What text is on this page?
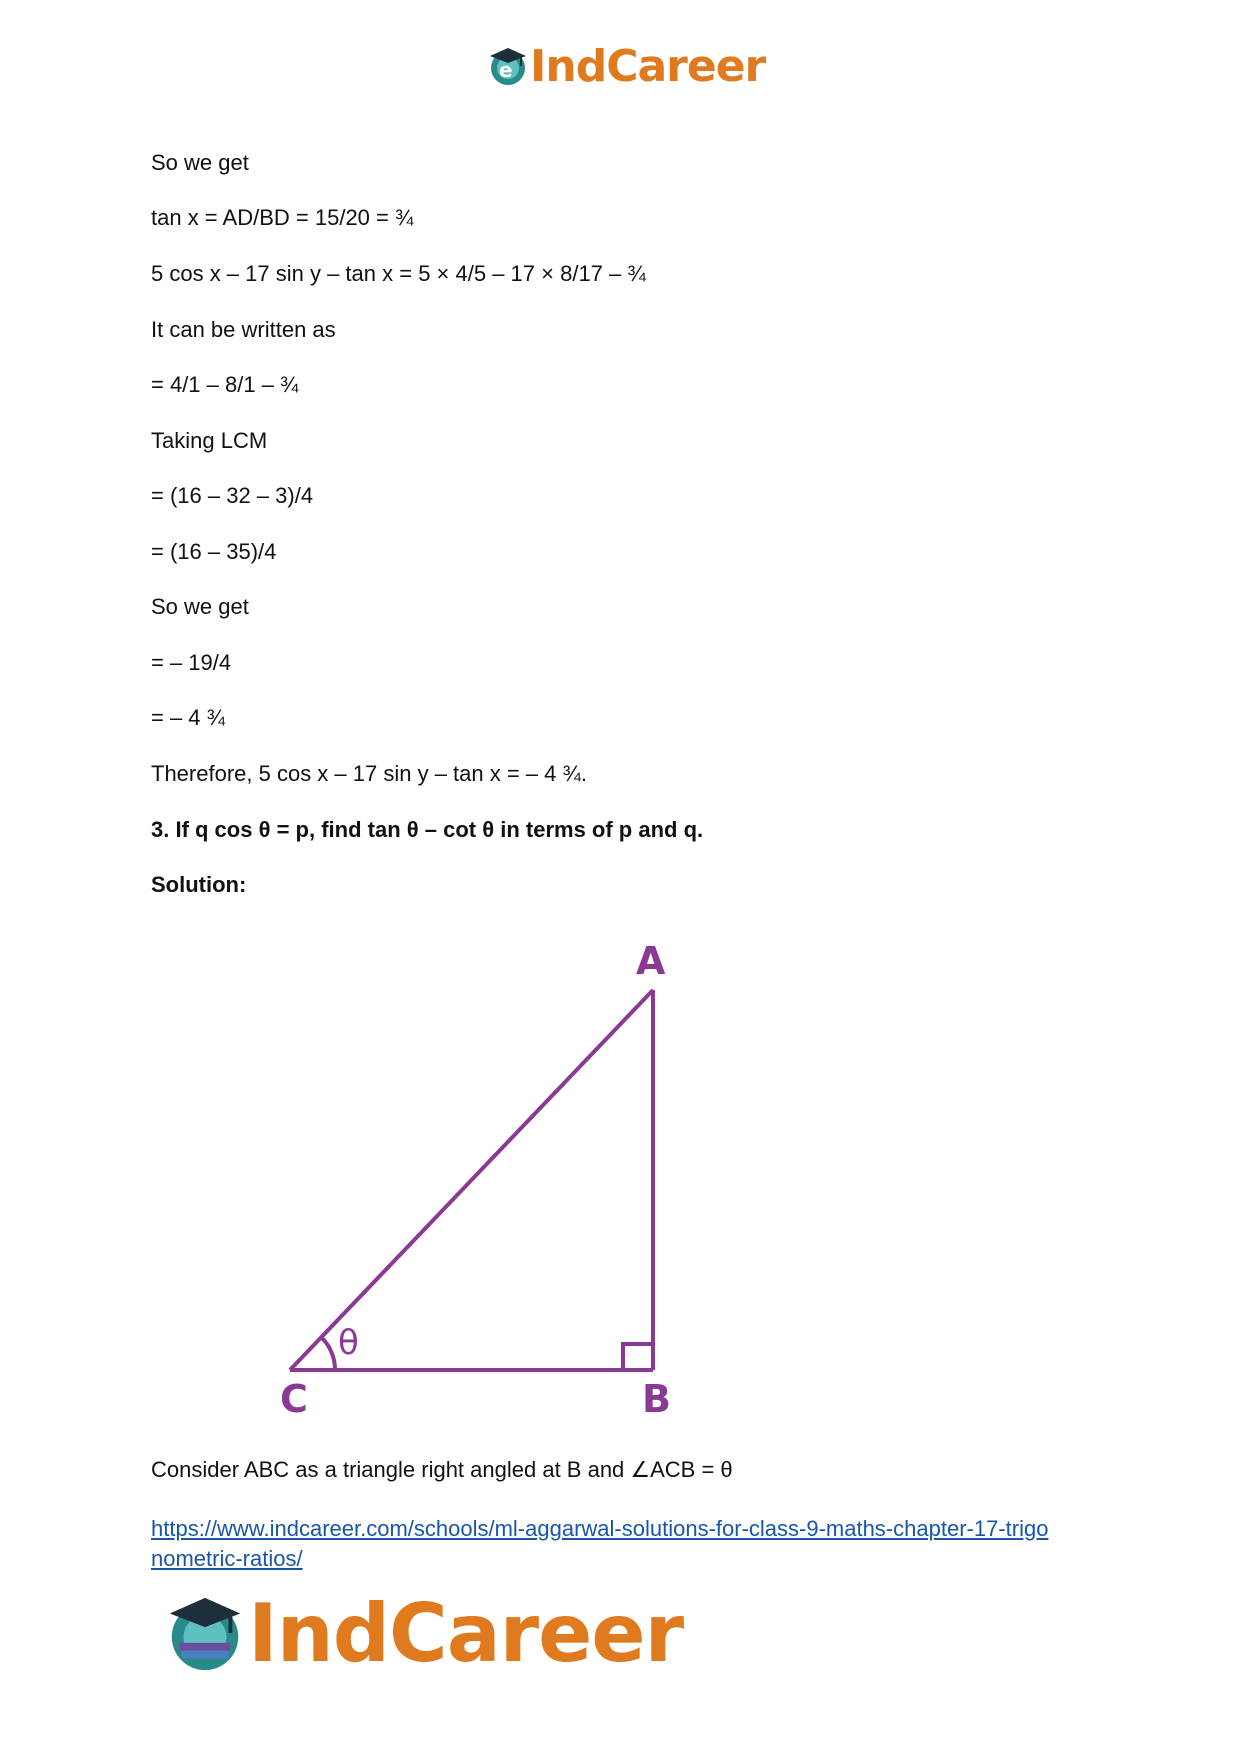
e IndCareer
So we get
tan x = AD/BD = 15/20 = ¾
5 cos x – 17 sin y – tan x = 5 × 4/5 – 17 × 8/17 – ¾
It can be written as
= 4/1 – 8/1 – ¾
Taking LCM
= (16 – 32 – 3)/4
= (16 – 35)/4
So we get
= – 19/4
= – 4 ¾
Therefore, 5 cos x – 17 sin y – tan x = – 4 ¾.
3. If q cos θ = p, find tan θ – cot θ in terms of p and q.
Solution:
Consider ABC as a triangle right angled at B and ∠ACB = θ
A
B
C
θ
https://www.indcareer.com/schools/ml-aggarwal-solutions-for-class-9-maths-chapter-17-trigo
nometric-ratios/
IndCareer
